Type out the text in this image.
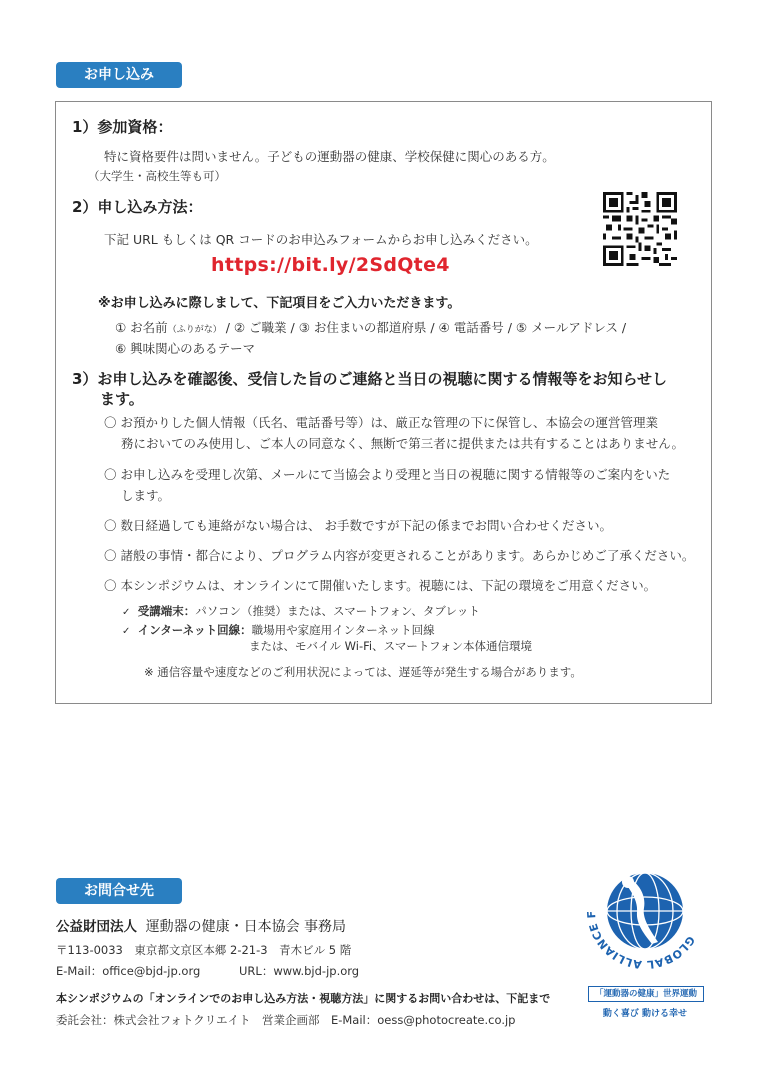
お申し込み
1）参加資格：
特に資格要件は問いません。子どもの運動器の健康、学校保健に関心のある方。
（大学生・高校生等も可）
2）申し込み方法：
下記 URL もしくは QR コードのお申込みフォームからお申し込みください。
https://bit.ly/2SdQte4
※お申し込みに際しまして、下記項目をご入力いただきます。
① お名前（ふりがな） / ② ご職業 / ③ お住まいの都道府県 / ④ 電話番号 / ⑤ メールアドレス /
⑥ 興味関心のあるテーマ
3）お申し込みを確認後、受信した旨のご連絡と当日の視聴に関する情報等をお知らせし
ます。
〇 お預かりした個人情報（氏名、電話番号等）は、厳正な管理の下に保管し、本協会の運営管理業
務においてのみ使用し、ご本人の同意なく、無断で第三者に提供または共有することはありません。
〇 お申し込みを受理し次第、メールにて当協会より受理と当日の視聴に関する情報等のご案内をいた
します。
〇 数日経過しても連絡がない場合は、 お手数ですが下記の係までお問い合わせください。
〇 諸般の事情・都合により、プログラム内容が変更されることがあります。あらかじめご了承ください。
〇 本シンポジウムは、オンラインにて開催いたします。視聴には、下記の環境をご用意ください。
✓ 受講端末：パソコン（推奨）または、スマートフォン、タブレット
✓ インターネット回線：職場用や家庭用インターネット回線
または、モバイル Wi-Fi、スマートフォン本体通信環境
※ 通信容量や速度などのご利用状況によっては、遅延等が発生する場合があります。
お問合せ先
公益財団法人 運動器の健康・日本協会 事務局
〒113-0033　東京都文京区本郷 2-21-3　青木ビル 5 階
E-Mail：office@bjd-jp.org	URL：www.bjd-jp.org
本シンポジウムの「オンラインでのお申し込み方法・視聴方法」に関するお問い合わせは、下記まで
委託会社：株式会社フォトクリエイト　営業企画部　E-Mail：oess@photocreate.co.jp
GLOBAL ALLIANCE F
「運動器の健康」世界運動
動く喜び 動ける幸せ
